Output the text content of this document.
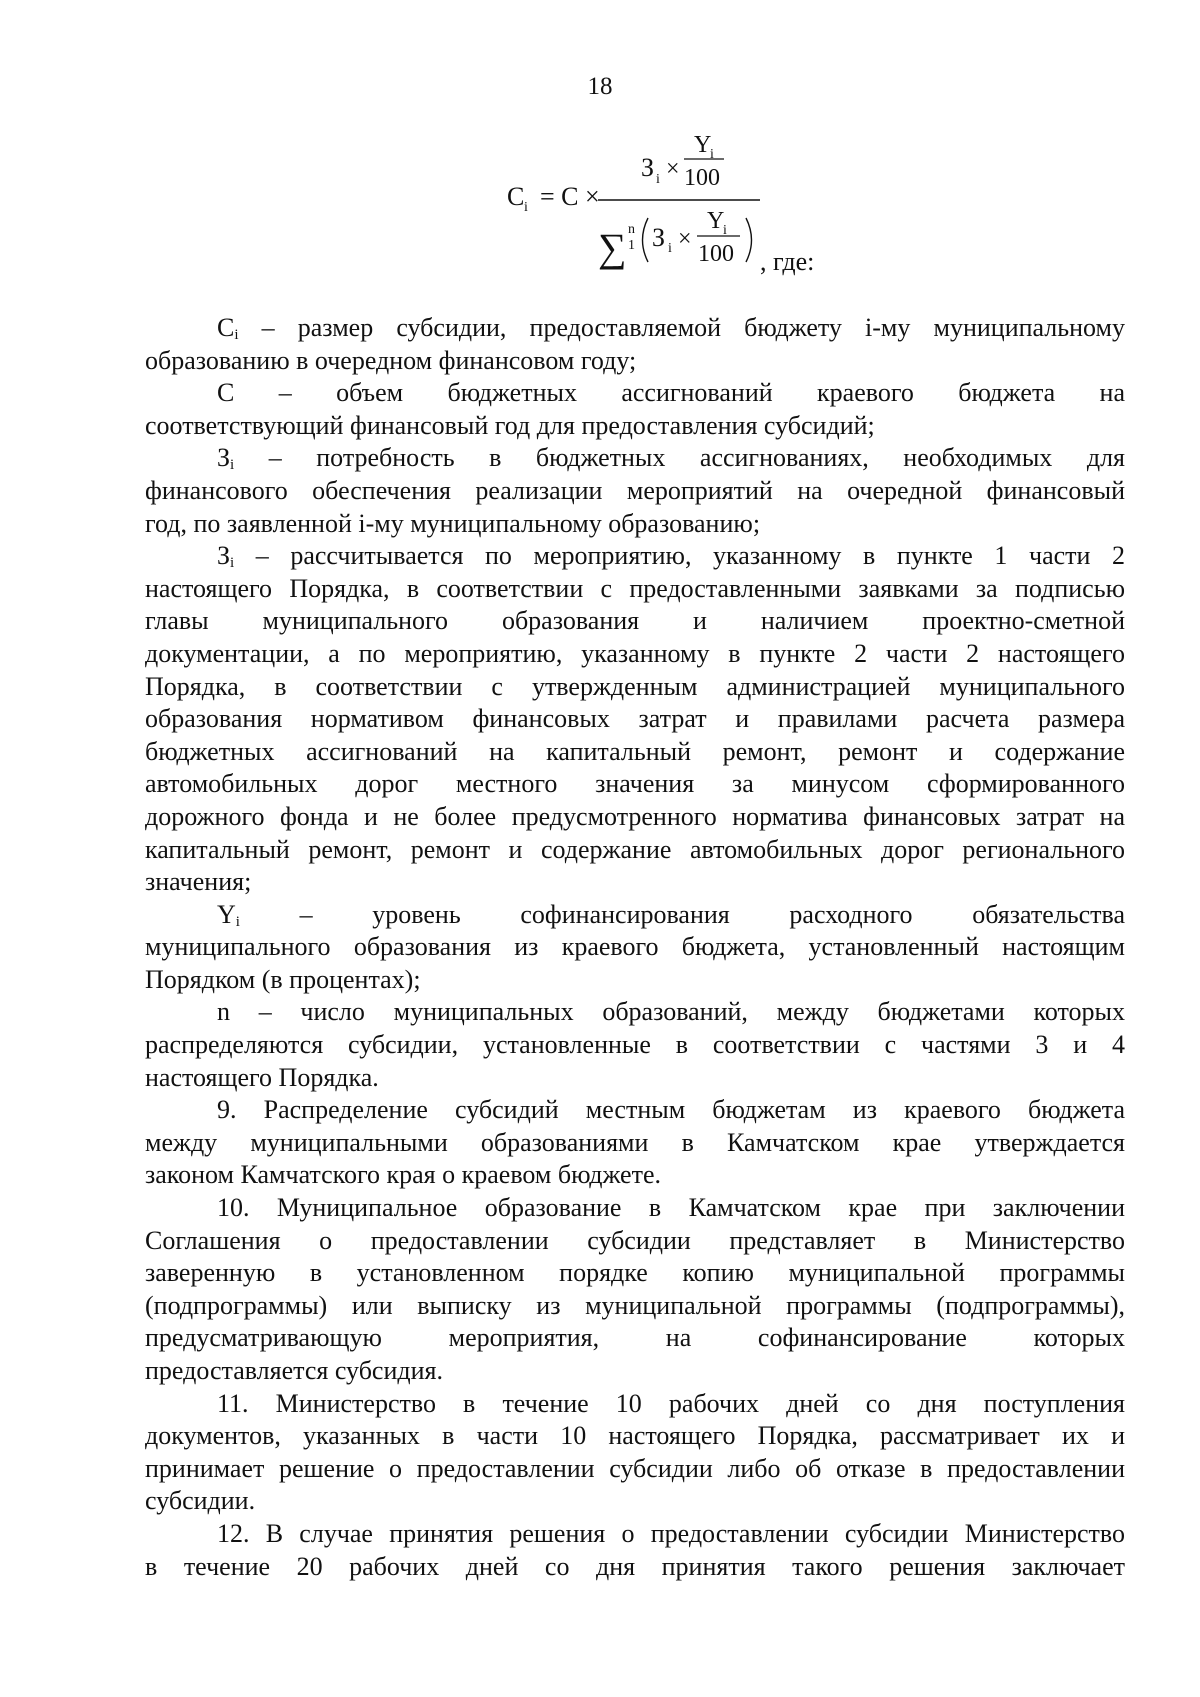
18
C i = C ×
З i ×
Y
i
100
∑ n
1 З i ×
Y
i
100 , где:
$C_i$ – размер субсидии, предоставляемой бюджету i-му муниципальному
образованию в очередном финансовом году;
С – объем бюджетных ассигнований краевого бюджета на
соответствующий финансовый год для предоставления субсидий;
$З_i$ – потребность в бюджетных ассигнованиях, необходимых для
финансового обеспечения реализации мероприятий на очередной финансовый
год, по заявленной i-му муниципальному образованию;
$З_i$ – рассчитывается по мероприятию, указанному в пункте 1 части 2
настоящего Порядка, в соответствии с предоставленными заявками за подписью
главы муниципального образования и наличием проектно-сметной
документации, а по мероприятию, указанному в пункте 2 части 2 настоящего
Порядка, в соответствии с утвержденным администрацией муниципального
образования нормативом финансовых затрат и правилами расчета размера
бюджетных ассигнований на капитальный ремонт, ремонт и содержание
автомобильных дорог местного значения за минусом сформированного
дорожного фонда и не более предусмотренного норматива финансовых затрат на
капитальный ремонт, ремонт и содержание автомобильных дорог регионального
значения;
$Y_i$ – уровень софинансирования расходного обязательства
муниципального образования из краевого бюджета, установленный настоящим
Порядком (в процентах);
n – число муниципальных образований, между бюджетами которых
распределяются субсидии, установленные в соответствии с частями 3 и 4
настоящего Порядка.
9. Распределение субсидий местным бюджетам из краевого бюджета
между муниципальными образованиями в Камчатском крае утверждается
законом Камчатского края о краевом бюджете.
10. Муниципальное образование в Камчатском крае при заключении
Соглашения о предоставлении субсидии представляет в Министерство
заверенную в установленном порядке копию муниципальной программы
(подпрограммы) или выписку из муниципальной программы (подпрограммы),
предусматривающую мероприятия, на софинансирование которых
предоставляется субсидия.
11. Министерство в течение 10 рабочих дней со дня поступления
документов, указанных в части 10 настоящего Порядка, рассматривает их и
принимает решение о предоставлении субсидии либо об отказе в предоставлении
субсидии.
12. В случае принятия решения о предоставлении субсидии Министерство
в течение 20 рабочих дней со дня принятия такого решения заключает
